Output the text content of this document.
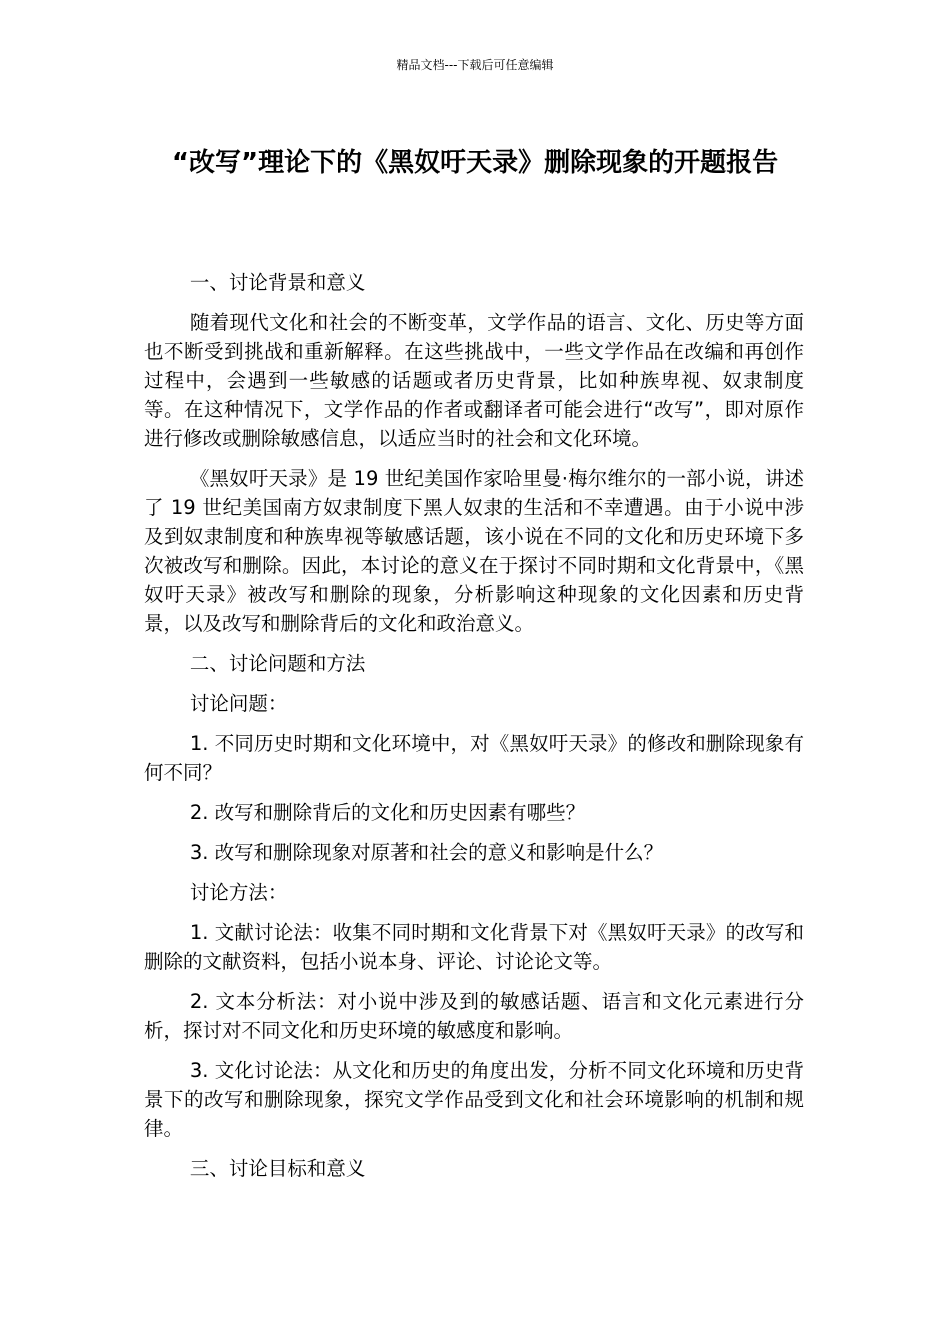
精品文档---下载后可任意编辑
“改写”理论下的《黑奴吁天录》删除现象的开题报告

一、讨论背景和意义

随着现代文化和社会的不断变革，文学作品的语言、文化、历史等方面也不断受到挑战和重新解释。在这些挑战中，一些文学作品在改编和再创作过程中，会遇到一些敏感的话题或者历史背景，比如种族卑视、奴隶制度等。在这种情况下，文学作品的作者或翻译者可能会进行“改写”，即对原作进行修改或删除敏感信息，以适应当时的社会和文化环境。

《黑奴吁天录》是 19 世纪美国作家哈里曼·梅尔维尔的一部小说，讲述了 19 世纪美国南方奴隶制度下黑人奴隶的生活和不幸遭遇。由于小说中涉及到奴隶制度和种族卑视等敏感话题，该小说在不同的文化和历史环境下多次被改写和删除。因此，本讨论的意义在于探讨不同时期和文化背景中，《黑奴吁天录》被改写和删除的现象，分析影响这种现象的文化因素和历史背景，以及改写和删除背后的文化和政治意义。

二、讨论问题和方法

讨论问题：

1. 不同历史时期和文化环境中，对《黑奴吁天录》的修改和删除现象有何不同？

2. 改写和删除背后的文化和历史因素有哪些？

3. 改写和删除现象对原著和社会的意义和影响是什么？

讨论方法：

1. 文献讨论法：收集不同时期和文化背景下对《黑奴吁天录》的改写和删除的文献资料，包括小说本身、评论、讨论论文等。

2. 文本分析法：对小说中涉及到的敏感话题、语言和文化元素进行分析，探讨对不同文化和历史环境的敏感度和影响。

3. 文化讨论法：从文化和历史的角度出发，分析不同文化环境和历史背景下的改写和删除现象，探究文学作品受到文化和社会环境影响的机制和规律。

三、讨论目标和意义
